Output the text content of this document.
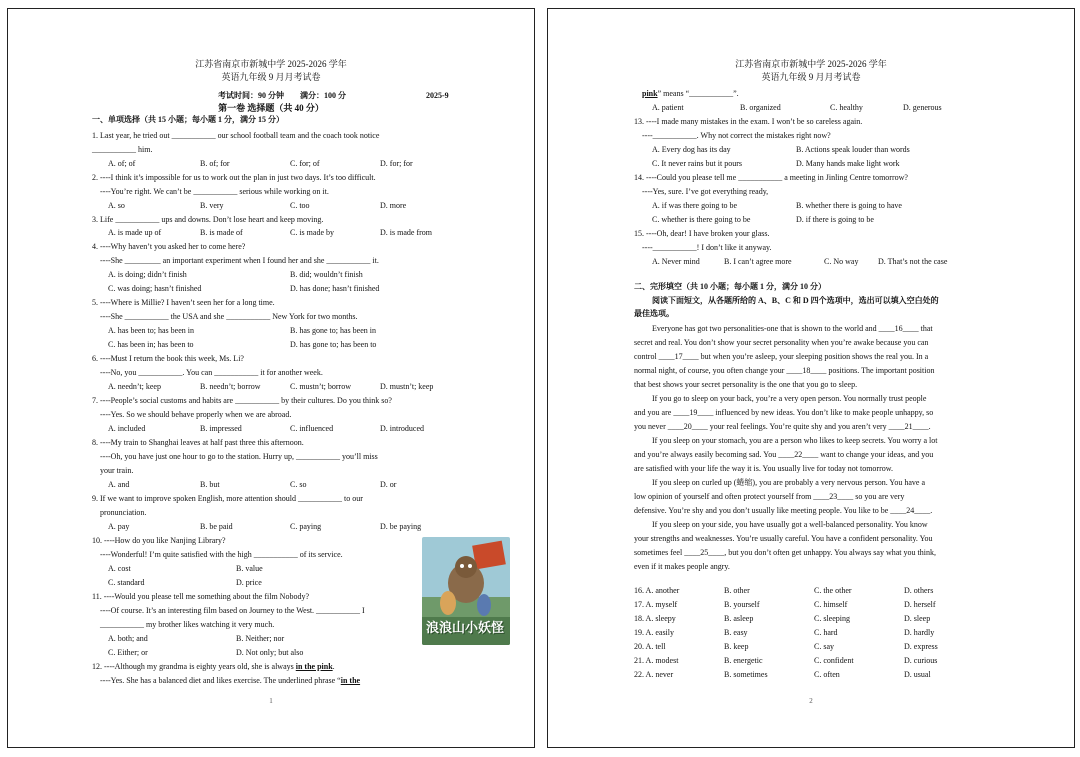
江苏省南京市新城中学 2025-2026 学年
英语九年级 9 月月考试卷
考试时间：90 分钟 满分：100 分	2025-9
第一卷 选择题（共 40 分）
一、单项选择（共 15 小题；每小题 1 分，满分 15 分）
1. Last year, he tried out ___________ our school football team and the coach took notice
___________ him.
A. of; of	B. of; for	C. for; of	D. for; for
2. ----I think it’s impossible for us to work out the plan in just two days. It’s too difficult.
----You’re right. We can’t be ___________ serious while working on it.
A. so	B. very	C. too	D. more
3. Life ___________ ups and downs. Don’t lose heart and keep moving.
A. is made up of	B. is made of	C. is made by	D. is made from
4. ----Why haven’t you asked her to come here?
----She _________ an important experiment when I found her and she ___________ it.
A. is doing; didn’t finish	B. did; wouldn’t finish
C. was doing; hasn’t finished	D. has done; hasn’t finished
5. ----Where is Millie? I haven’t seen her for a long time.
----She ___________ the USA and she ___________ New York for two months.
A. has been to; has been in	B. has gone to; has been in
C. has been in; has been to	D. has gone to; has been to
6. ----Must I return the book this week, Ms. Li?
----No, you ___________. You can ___________ it for another week.
A. needn’t; keep	B. needn’t; borrow	C. mustn’t; borrow	D. mustn’t; keep
7. ----People’s social customs and habits are ___________ by their cultures. Do you think so?
----Yes. So we should behave properly when we are abroad.
A. included	B. impressed	C. influenced	D. introduced
8. ----My train to Shanghai leaves at half past three this afternoon.
----Oh, you have just one hour to go to the station. Hurry up, ___________ you’ll miss
your train.
A. and	B. but	C. so	D. or
9. If we want to improve spoken English, more attention should ___________ to our
pronunciation.
A. pay	B. be paid	C. paying	D. be paying
10. ----How do you like Nanjing Library?
----Wonderful! I’m quite satisfied with the high ___________ of its service.
A. cost	B. value
C. standard	D. price
11. ----Would you please tell me something about the film Nobody?
----Of course. It’s an interesting film based on Journey to the West. ___________ I
___________ my brother likes watching it very much.
A. both; and	B. Neither; nor
C. Either; or	D. Not only; but also
12. ----Although my grandma is eighty years old, she is always in the pink.
----Yes. She has a balanced diet and likes exercise. The underlined phrase “in the
浪浪山小妖怪
1
江苏省南京市新城中学 2025-2026 学年
英语九年级 9 月月考试卷
pink” means “___________”.
A. patient	B. organized	C. healthy	D. generous
13. ----I made many mistakes in the exam. I won’t be so careless again.
----___________. Why not correct the mistakes right now?
A. Every dog has its day	B. Actions speak louder than words
C. It never rains but it pours	D. Many hands make light work
14. ----Could you please tell me ___________ a meeting in Jinling Centre tomorrow?
----Yes, sure. I’ve got everything ready,
A. if was there going to be	B. whether there is going to have
C. whether is there going to be	D. if there is going to be
15. ----Oh, dear! I have broken your glass.
----___________! I don’t like it anyway.
A. Never mind	B. I can’t agree more	C. No way D. That’s not the case
二、完形填空（共 10 小题；每小题 1 分，满分 10 分）
阅读下面短文，从各题所给的 A、B、C 和 D 四个选项中，选出可以填入空白处的
最佳选项。
Everyone has got two personalities-one that is shown to the world and ____16____ that
secret and real. You don’t show your secret personality when you’re awake because you can
control ____17____ but when you’re asleep, your sleeping position shows the real you. In a
normal night, of course, you often change your ____18____ positions. The important position
that best shows your secret personality is the one that you go to sleep.
If you go to sleep on your back, you’re a very open person. You normally trust people
and you are ____19____ influenced by new ideas. You don’t like to make people unhappy, so
you never ____20____ your real feelings. You’re quite shy and you aren’t very ____21____.
If you sleep on your stomach, you are a person who likes to keep secrets. You worry a lot
and you’re always easily becoming sad. You ____22____ want to change your ideas, and you
are satisfied with your life the way it is. You usually live for today not tomorrow.
If you sleep on curled up (蜷缩), you are probably a very nervous person. You have a
low opinion of yourself and often protect yourself from ____23____ so you are very
defensive. You’re shy and you don’t usually like meeting people. You like to be ____24____.
If you sleep on your side, you have usually got a well-balanced personality. You know
your strengths and weaknesses. You’re usually careful. You have a confident personality. You
sometimes feel ____25____, but you don’t often get unhappy. You always say what you think,
even if it makes people angry.
16. A. another	B. other	C. the other	D. others
17. A. myself	B. yourself	C. himself	D. herself
18. A. sleepy	B. asleep	C. sleeping	D. sleep
19. A. easily	B. easy	C. hard	D. hardly
20. A. tell	B. keep	C. say	D. express
21. A. modest	B. energetic	C. confident	D. curious
22. A. never	B. sometimes	C. often	D. usual
2
